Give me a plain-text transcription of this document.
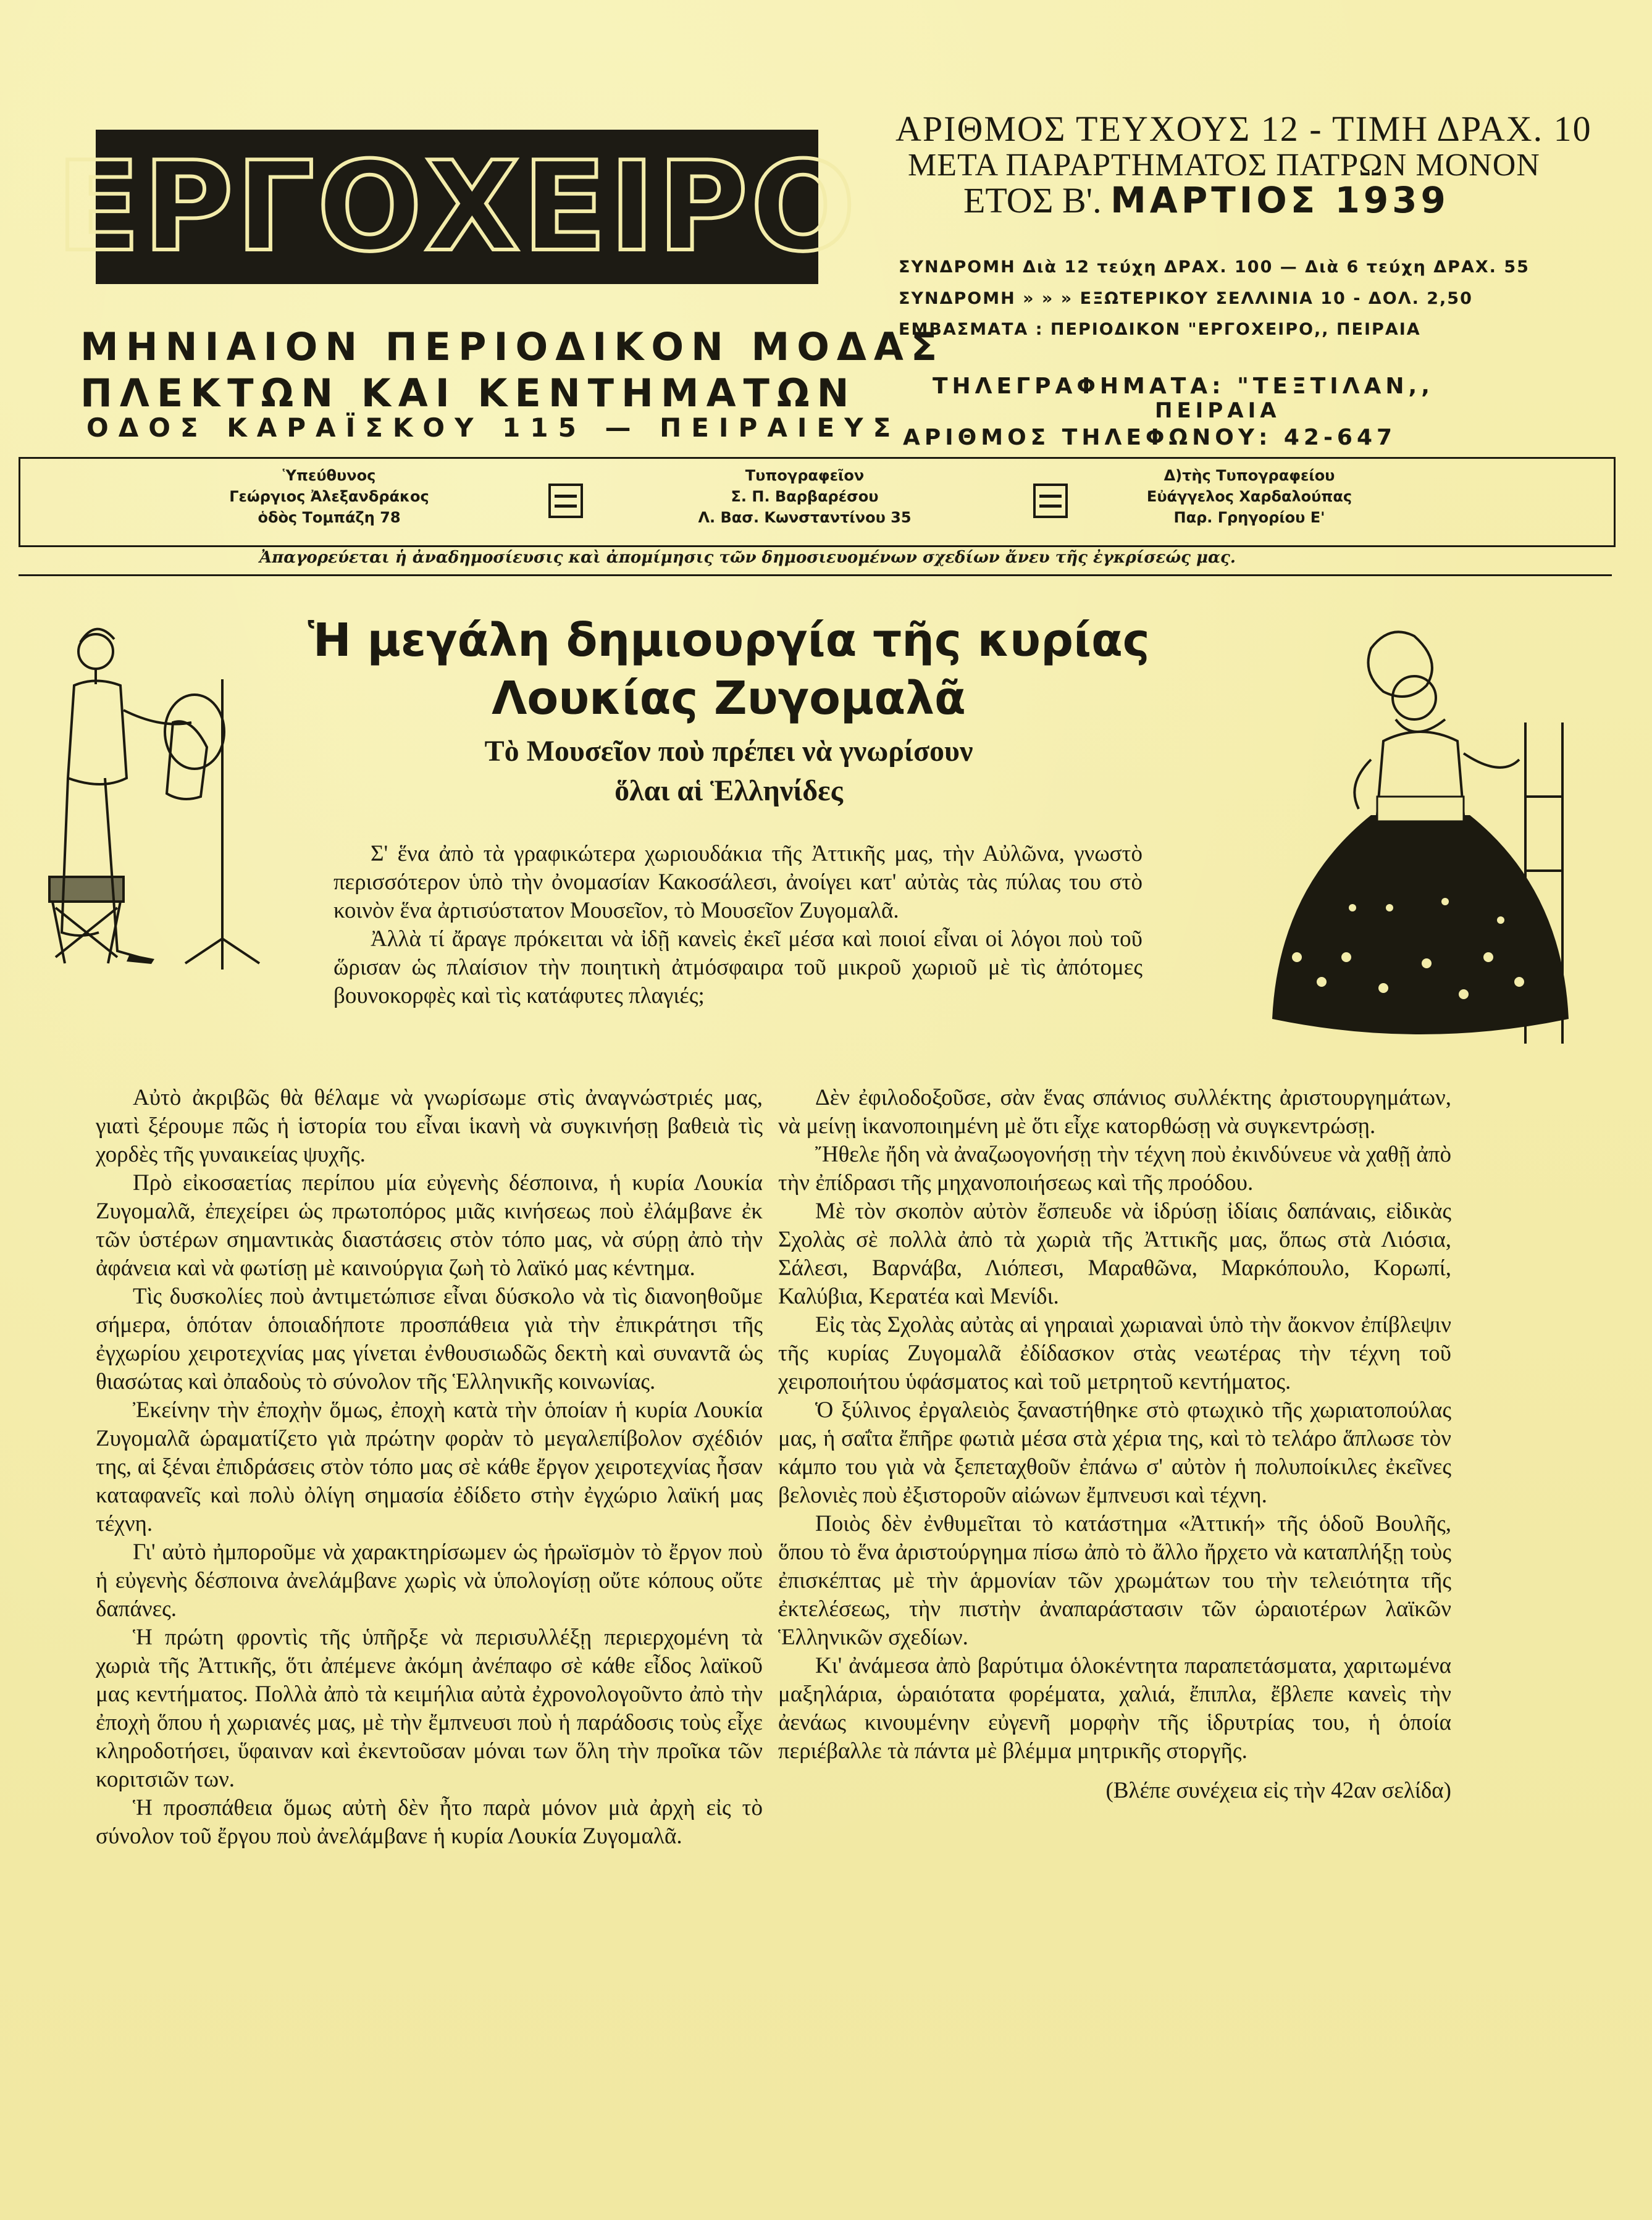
ΕΡΓΟΧΕΙΡΟ
ΜΗΝΙΑΙΟΝ ΠΕΡΙΟΔΙΚΟΝ ΜΟΔΑΣ
ΠΛΕΚΤΩΝ ΚΑΙ ΚΕΝΤΗΜΑΤΩΝ
ΟΔΟΣ ΚΑΡΑΪΣΚΟΥ 115 — ΠΕΙΡΑΙΕΥΣ
ΑΡΙΘΜΟΣ ΤΕΥΧΟΥΣ 12 - ΤΙΜΗ ΔΡΑΧ. 10
ΜΕΤΑ ΠΑΡΑΡΤΗΜΑΤΟΣ ΠΑΤΡΩΝ ΜΟΝΟΝ
ΕΤΟΣ Β'. ΜΑΡΤΙΟΣ 1939
ΣΥΝΔΡΟΜΗ Διὰ 12 τεύχη ΔΡΑΧ. 100 — Διὰ 6 τεύχη ΔΡΑΧ. 55
ΣΥΝΔΡΟΜΗ » » » ΕΞΩΤΕΡΙΚΟΥ ΣΕΛΛΙΝΙΑ 10 - ΔΟΛ. 2,50
ΕΜΒΑΣΜΑΤΑ : ΠΕΡΙΟΔΙΚΟΝ "ΕΡΓΟΧΕΙΡΟ,, ΠΕΙΡΑΙΑ
ΤΗΛΕΓΡΑΦΗΜΑΤΑ: "ΤΕΞΤΙΛΑΝ,,
ΠΕΙΡΑΙΑ
ΑΡΙΘΜΟΣ ΤΗΛΕΦΩΝΟΥ: 42-647
Ὑπεύθυνος
Γεώργιος Ἀλεξανδράκος
ὁδὸς Τομπάζη 78
Τυπογραφεῖον
Σ. Π. Βαρβαρέσου
Λ. Βασ. Κωνσταντίνου 35
Δ)τὴς Τυπογραφείου
Εὐάγγελος Χαρδαλούπας
Παρ. Γρηγορίου Ε'
Ἀπαγορεύεται ἡ ἀναδημοσίευσις καὶ ἀπομίμησις τῶν δημοσιευομένων σχεδίων ἄνευ τῆς ἐγκρίσεώς μας.
Ἡ μεγάλη δημιουργία τῆς κυρίας
Λουκίας Ζυγομαλᾶ
Τὸ Μουσεῖον ποὺ πρέπει νὰ γνωρίσουν
ὅλαι αἱ Ἑλληνίδες

Σ' ἕνα ἀπὸ τὰ γραφικώτερα χωριουδάκια τῆς Ἀττικῆς μας, τὴν Αὐλῶνα, γνωστὸ περισσότερον ὑπὸ τὴν ὀνομασίαν Κακοσάλεσι, ἀνοίγει κατ' αὐτὰς τὰς πύλας του στὸ κοινὸν ἕνα ἀρτισύστατον Μουσεῖον, τὸ Μουσεῖον Ζυγομαλᾶ.

Ἀλλὰ τί ἄραγε πρόκειται νὰ ἰδῇ κανεὶς ἐκεῖ μέσα καὶ ποιοί εἶναι οἱ λόγοι ποὺ τοῦ ὥρισαν ὡς πλαίσιον τὴν ποιητικὴ ἀτμόσφαιρα τοῦ μικροῦ χωριοῦ μὲ τὶς ἀπότομες βουνοκορφὲς καὶ τὶς κατάφυτες πλαγιές;

Αὐτὸ ἀκριβῶς θὰ θέλαμε νὰ γνωρίσωμε στὶς ἀναγνώστριές μας, γιατὶ ξέρουμε πῶς ἡ ἱστορία του εἶναι ἱκανὴ νὰ συγκινήσῃ βαθειὰ τὶς χορδὲς τῆς γυναικείας ψυχῆς.

Πρὸ εἰκοσαετίας περίπου μία εὐγενὴς δέσποινα, ἡ κυρία Λουκία Ζυγομαλᾶ, ἐπεχείρει ὡς πρωτοπόρος μιᾶς κινήσεως ποὺ ἐλάμβανε ἐκ τῶν ὑστέρων σημαντικὰς διαστάσεις στὸν τόπο μας, νὰ σύρῃ ἀπὸ τὴν ἀφάνεια καὶ νὰ φωτίσῃ μὲ καινούργια ζωὴ τὸ λαϊκό μας κέντημα.

Τὶς δυσκολίες ποὺ ἀντιμετώπισε εἶναι δύσκολο νὰ τὶς διανοηθοῦμε σήμερα, ὁπόταν ὁποιαδήποτε προσπάθεια γιὰ τὴν ἐπικράτησι τῆς ἐγχωρίου χειροτεχνίας μας γίνεται ἐνθουσιωδῶς δεκτὴ καὶ συναντᾶ ὡς θιασώτας καὶ ὀπαδοὺς τὸ σύνολον τῆς Ἑλληνικῆς κοινωνίας.

Ἐκείνην τὴν ἐποχὴν ὅμως, ἐποχὴ κατὰ τὴν ὁποίαν ἡ κυρία Λουκία Ζυγομαλᾶ ὡραματίζετο γιὰ πρώτην φορὰν τὸ μεγαλεπίβολον σχέδιόν της, αἱ ξέναι ἐπιδράσεις στὸν τόπο μας σὲ κάθε ἔργον χειροτεχνίας ἦσαν καταφανεῖς καὶ πολὺ ὀλίγη σημασία ἐδίδετο στὴν ἐγχώριο λαϊκή μας τέχνη.

Γι' αὐτὸ ἠμποροῦμε νὰ χαρακτηρίσωμεν ὡς ἡρωϊσμὸν τὸ ἔργον ποὺ ἡ εὐγενὴς δέσποινα ἀνελάμβανε χωρὶς νὰ ὑπολογίσῃ οὔτε κόπους οὔτε δαπάνες.

Ἡ πρώτη φροντὶς τῆς ὑπῆρξε νὰ περισυλλέξῃ περιερχομένη τὰ χωριὰ τῆς Ἀττικῆς, ὅτι ἀπέμενε ἀκόμη ἀνέπαφο σὲ κάθε εἶδος λαϊκοῦ μας κεντήματος. Πολλὰ ἀπὸ τὰ κειμήλια αὐτὰ ἐχρονολογοῦντο ἀπὸ τὴν ἐποχὴ ὅπου ἡ χωριανές μας, μὲ τὴν ἔμπνευσι ποὺ ἡ παράδοσις τοὺς εἶχε κληροδοτήσει, ὕφαιναν καὶ ἐκεντοῦσαν μόναι των ὅλη τὴν προῖκα τῶν κοριτσιῶν των.

Ἡ προσπάθεια ὅμως αὐτὴ δὲν ἦτο παρὰ μόνον μιὰ ἀρχὴ εἰς τὸ σύνολον τοῦ ἔργου ποὺ ἀνελάμβανε ἡ κυρία Λουκία Ζυγομαλᾶ.

Δὲν ἐφιλοδοξοῦσε, σὰν ἕνας σπάνιος συλλέκτης ἀριστουργημάτων, νὰ μείνῃ ἱκανοποιημένη μὲ ὅτι εἶχε κατορθώσῃ νὰ συγκεντρώσῃ.

Ἤθελε ἤδη νὰ ἀναζωογονήσῃ τὴν τέχνη ποὺ ἐκινδύνευε νὰ χαθῇ ἀπὸ τὴν ἐπίδρασι τῆς μηχανοποιήσεως καὶ τῆς προόδου.

Μὲ τὸν σκοπὸν αὐτὸν ἔσπευδε νὰ ἱδρύσῃ ἰδίαις δαπάναις, εἰδικὰς Σχολὰς σὲ πολλὰ ἀπὸ τὰ χωριὰ τῆς Ἀττικῆς μας, ὅπως στὰ Λιόσια, Σάλεσι, Βαρνάβα, Λιόπεσι, Μαραθῶνα, Μαρκόπουλο, Κορωπί, Καλύβια, Κερατέα καὶ Μενίδι.

Εἰς τὰς Σχολὰς αὐτὰς αἱ γηραιαὶ χωριαναὶ ὑπὸ τὴν ἄοκνον ἐπίβλεψιν τῆς κυρίας Ζυγομαλᾶ ἐδίδασκον στὰς νεωτέρας τὴν τέχνη τοῦ χειροποιήτου ὑφάσματος καὶ τοῦ μετρητοῦ κεντήματος.

Ὁ ξύλινος ἐργαλειὸς ξαναστήθηκε στὸ φτωχικὸ τῆς χωριατοπούλας μας, ἡ σαΐτα ἔπῆρε φωτιὰ μέσα στὰ χέρια της, καὶ τὸ τελάρο ἅπλωσε τὸν κάμπο του γιὰ νὰ ξεπεταχθοῦν ἐπάνω σ' αὐτὸν ἡ πολυποίκιλες ἐκεῖνες βελονιὲς ποὺ ἐξιστοροῦν αἰώνων ἔμπνευσι καὶ τέχνη.

Ποιὸς δὲν ἐνθυμεῖται τὸ κατάστημα «Ἀττική» τῆς ὁδοῦ Βουλῆς, ὅπου τὸ ἕνα ἀριστούργημα πίσω ἀπὸ τὸ ἄλλο ἤρχετο νὰ καταπλήξῃ τοὺς ἐπισκέπτας μὲ τὴν ἁρμονίαν τῶν χρωμάτων του τὴν τελειότητα τῆς ἐκτελέσεως, τὴν πιστὴν ἀναπαράστασιν τῶν ὡραιοτέρων λαϊκῶν Ἑλληνικῶν σχεδίων.

Κι' ἀνάμεσα ἀπὸ βαρύτιμα ὁλοκέντητα παραπετάσματα, χαριτωμένα μαξηλάρια, ὡραιότατα φορέματα, χαλιά, ἔπιπλα, ἔβλεπε κανεὶς τὴν ἀενάως κινουμένην εὐγενῆ μορφὴν τῆς ἱδρυτρίας του, ἡ ὁποία περιέβαλλε τὰ πάντα μὲ βλέμμα μητρικῆς στοργῆς.

(Βλέπε συνέχεια εἰς τὴν 42αν σελίδα)
